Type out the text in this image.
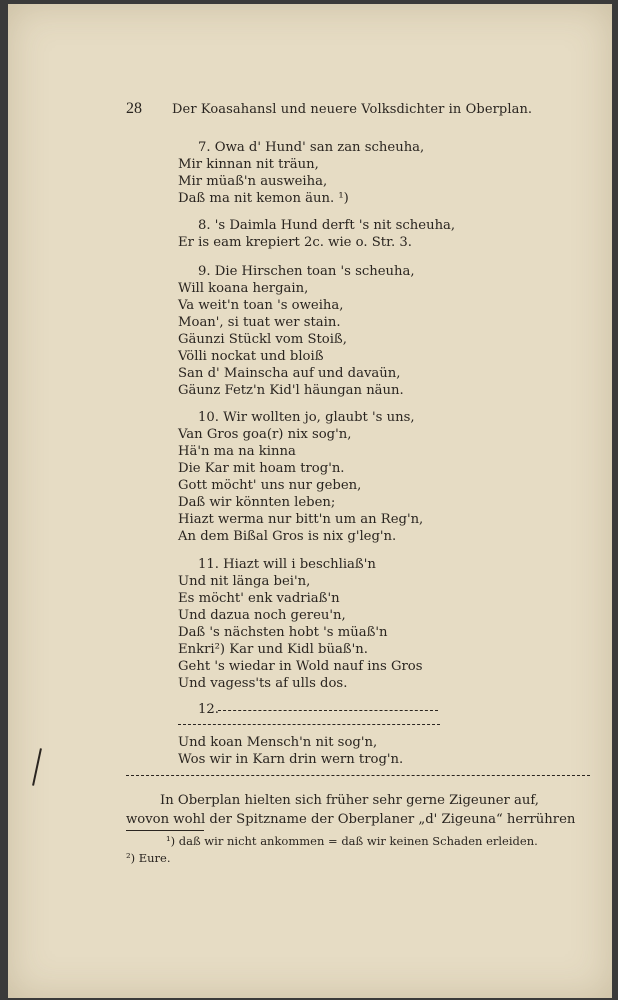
28 Der Koasahansl und neuere Volksdichter in Oberplan.
7. Owa d' Hund' san zan scheuha,
Mir kinnan nit träun,
Mir müaß'n ausweiha,
Daß ma nit kemon äun. ¹)
8. 's Daimla Hund derft 's nit scheuha,
Er is eam krepiert 2c. wie o. Str. 3.
9. Die Hirschen toan 's scheuha,
Will koana hergain,
Va weit'n toan 's oweiha,
Moan', si tuat wer stain.
Gäunzi Stückl vom Stoiß,
Völli nockat und bloiß
San d' Mainscha auf und davaün,
Gäunz Fetz'n Kid'l häungan näun.
10. Wir wollten jo, glaubt 's uns,
Van Gros goa(r) nix sog'n,
Hä'n ma na kinna
Die Kar mit hoam trog'n.
Gott möcht' uns nur geben,
Daß wir könnten leben;
Hiazt werma nur bitt'n um an Reg'n,
An dem Bißal Gros is nix g'leg'n.
11. Hiazt will i beschliaß'n
Und nit länga bei'n,
Es möcht' enk vadriaß'n
Und dazua noch gereu'n,
Daß 's nächsten hobt 's müaß'n
Enkri²) Kar und Kidl büaß'n.
Geht 's wiedar in Wold nauf ins Gros
Und vagess'ts af ulls dos.
12.
Und koan Mensch'n nit sog'n,
Wos wir in Karn drin wern trog'n.
In Oberplan hielten sich früher sehr gerne Zigeuner auf,
wovon wohl der Spitzname der Oberplaner „d' Zigeuna“ herrühren
¹) daß wir nicht ankommen = daß wir keinen Schaden erleiden.
²) Eure.
